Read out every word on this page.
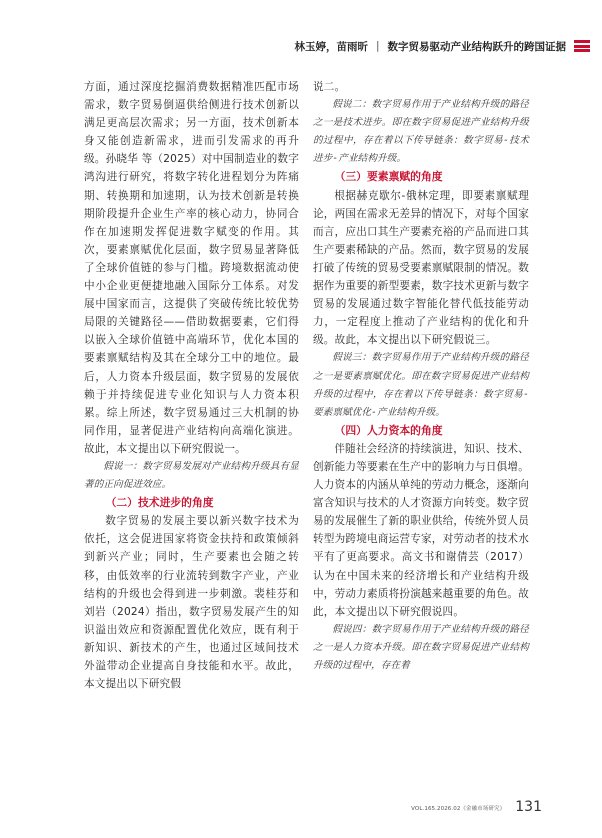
林玉婷，苗雨昕 | 数字贸易驱动产业结构跃升的跨国证据

方面，通过深度挖掘消费数据精准匹配市场需求，数字贸易倒逼供给侧进行技术创新以满足更高层次需求；另一方面，技术创新本身又能创造新需求，进而引发需求的再升级。孙晓华 等（2025）对中国制造业的数字鸿沟进行研究，将数字转化进程划分为阵痛期、转换期和加速期，认为技术创新是转换期阶段提升企业生产率的核心动力，协同合作在加速期发挥促进数字赋变的作用。其次，要素禀赋优化层面，数字贸易显著降低了全球价值链的参与门槛。跨境数据流动使中小企业更便捷地融入国际分工体系。对发展中国家而言，这提供了突破传统比较优势局限的关键路径——借助数据要素，它们得以嵌入全球价值链中高端环节，优化本国的要素禀赋结构及其在全球分工中的地位。最后，人力资本升级层面，数字贸易的发展依赖于并持续促进专业化知识与人力资本积累。综上所述，数字贸易通过三大机制的协同作用，显著促进产业结构向高端化演进。故此，本文提出以下研究假说一。

假说一：数字贸易发展对产业结构升级具有显著的正向促进效应。

（二）技术进步的角度

数字贸易的发展主要以新兴数字技术为依托，这会促进国家将资金扶持和政策倾斜到新兴产业；同时，生产要素也会随之转移，由低效率的行业流转到数字产业，产业结构的升级也会得到进一步刺激。裴桂芬和刘岩（2024）指出，数字贸易发展产生的知识溢出效应和资源配置优化效应，既有利于新知识、新技术的产生，也通过区域间技术外溢带动企业提高自身技能和水平。故此，本文提出以下研究假

说二。

假说二：数字贸易作用于产业结构升级的路径之一是技术进步。即在数字贸易促进产业结构升级的过程中，存在着以下传导链条：数字贸易-技术进步-产业结构升级。

（三）要素禀赋的角度

根据赫克歇尔-俄林定理，即要素禀赋理论，两国在需求无差异的情况下，对每个国家而言，应出口其生产要素充裕的产品而进口其生产要素稀缺的产品。然而，数字贸易的发展打破了传统的贸易受要素禀赋限制的情况。数据作为重要的新型要素，数字技术更新与数字贸易的发展通过数字智能化替代低技能劳动力，一定程度上推动了产业结构的优化和升级。故此，本文提出以下研究假说三。

假说三：数字贸易作用于产业结构升级的路径之一是要素禀赋优化。即在数字贸易促进产业结构升级的过程中，存在着以下传导链条：数字贸易-要素禀赋优化-产业结构升级。

（四）人力资本的角度

伴随社会经济的持续演进，知识、技术、创新能力等要素在生产中的影响力与日俱增。人力资本的内涵从单纯的劳动力概念，逐渐向富含知识与技术的人才资源方向转变。数字贸易的发展催生了新的职业供给，传统外贸人员转型为跨境电商运营专家，对劳动者的技术水平有了更高要求。高文书和谢倩芸（2017）认为在中国未来的经济增长和产业结构升级中，劳动力素质将扮演越来越重要的角色。故此，本文提出以下研究假说四。

假说四：数字贸易作用于产业结构升级的路径之一是人力资本升级。即在数字贸易促进产业结构升级的过程中，存在着

VOL.165.2026.02《金融市场研究》 131
